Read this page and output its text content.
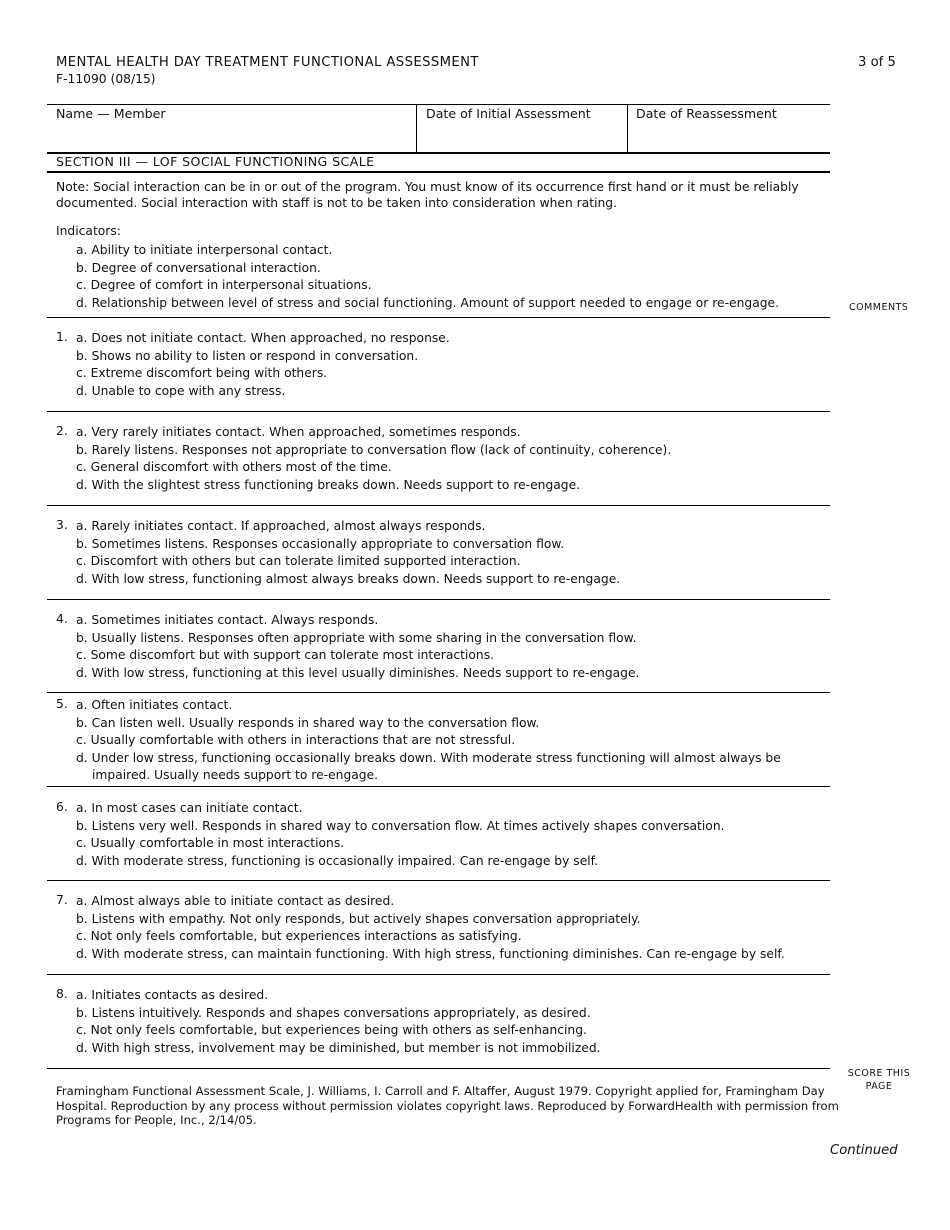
MENTAL HEALTH DAY TREATMENT FUNCTIONAL ASSESSMENT
F-11090 (08/15)
3 of 5
Name — Member	Date of Initial Assessment	Date of Reassessment
SECTION III — LOF SOCIAL FUNCTIONING SCALE
Note: Social interaction can be in or out of the program. You must know of its occurrence first hand or it must be reliably documented. Social interaction with staff is not to be taken into consideration when rating.
Indicators:
a. Ability to initiate interpersonal contact.
b. Degree of conversational interaction.
c. Degree of comfort in interpersonal situations.
d. Relationship between level of stress and social functioning. Amount of support needed to engage or re-engage.	COMMENTS
1. a. Does not initiate contact. When approached, no response.
b. Shows no ability to listen or respond in conversation.
c. Extreme discomfort being with others.
d. Unable to cope with any stress.
2. a. Very rarely initiates contact. When approached, sometimes responds.
b. Rarely listens. Responses not appropriate to conversation flow (lack of continuity, coherence).
c. General discomfort with others most of the time.
d. With the slightest stress functioning breaks down. Needs support to re-engage.
3. a. Rarely initiates contact. If approached, almost always responds.
b. Sometimes listens. Responses occasionally appropriate to conversation flow.
c. Discomfort with others but can tolerate limited supported interaction.
d. With low stress, functioning almost always breaks down. Needs support to re-engage.
4. a. Sometimes initiates contact. Always responds.
b. Usually listens. Responses often appropriate with some sharing in the conversation flow.
c. Some discomfort but with support can tolerate most interactions.
d. With low stress, functioning at this level usually diminishes. Needs support to re-engage.
5. a. Often initiates contact.
b. Can listen well. Usually responds in shared way to the conversation flow.
c. Usually comfortable with others in interactions that are not stressful.
d. Under low stress, functioning occasionally breaks down. With moderate stress functioning will almost always be
impaired. Usually needs support to re-engage.
6. a. In most cases can initiate contact.
b. Listens very well. Responds in shared way to conversation flow. At times actively shapes conversation.
c. Usually comfortable in most interactions.
d. With moderate stress, functioning is occasionally impaired. Can re-engage by self.
7. a. Almost always able to initiate contact as desired.
b. Listens with empathy. Not only responds, but actively shapes conversation appropriately.
c. Not only feels comfortable, but experiences interactions as satisfying.
d. With moderate stress, can maintain functioning. With high stress, functioning diminishes. Can re-engage by self.
8. a. Initiates contacts as desired.
b. Listens intuitively. Responds and shapes conversations appropriately, as desired.
c. Not only feels comfortable, but experiences being with others as self-enhancing.
d. With high stress, involvement may be diminished, but member is not immobilized.
SCORE THIS PAGE
Framingham Functional Assessment Scale, J. Williams, I. Carroll and F. Altaffer, August 1979. Copyright applied for, Framingham Day Hospital. Reproduction by any process without permission violates copyright laws. Reproduced by ForwardHealth with permission from Programs for People, Inc., 2/14/05.
Continued
